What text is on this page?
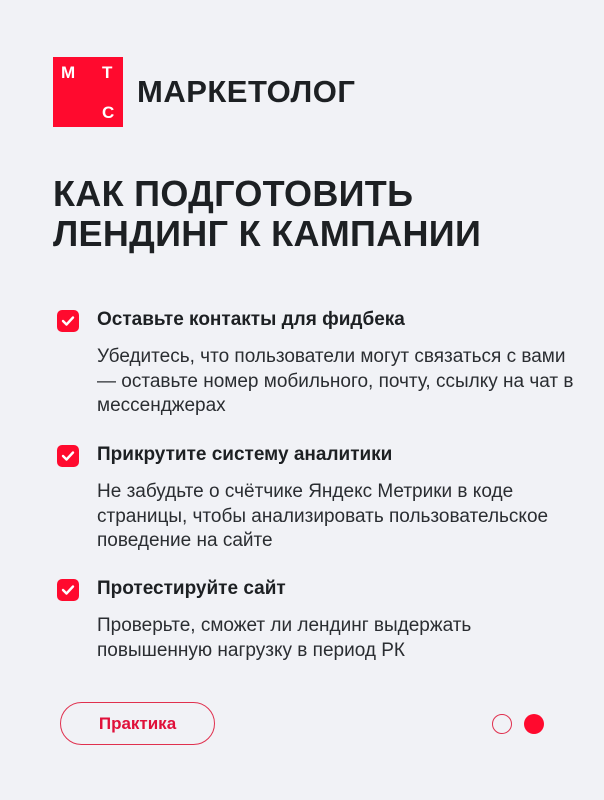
М Т
С
МАРКЕТОЛОГ
КАК ПОДГОТОВИТЬ
ЛЕНДИНГ К КАМПАНИИ
Оставьте контакты для фидбека
Убедитесь, что пользователи могут связаться с вами — оставьте номер мобильного, почту, ссылку на чат в мессенджерах
Прикрутите систему аналитики
Не забудьте о счётчике Яндекс Метрики в коде страницы, чтобы анализировать пользовательское поведение на сайте
Протестируйте сайт
Проверьте, сможет ли лендинг выдержать повышенную нагрузку в период РК
Практика
